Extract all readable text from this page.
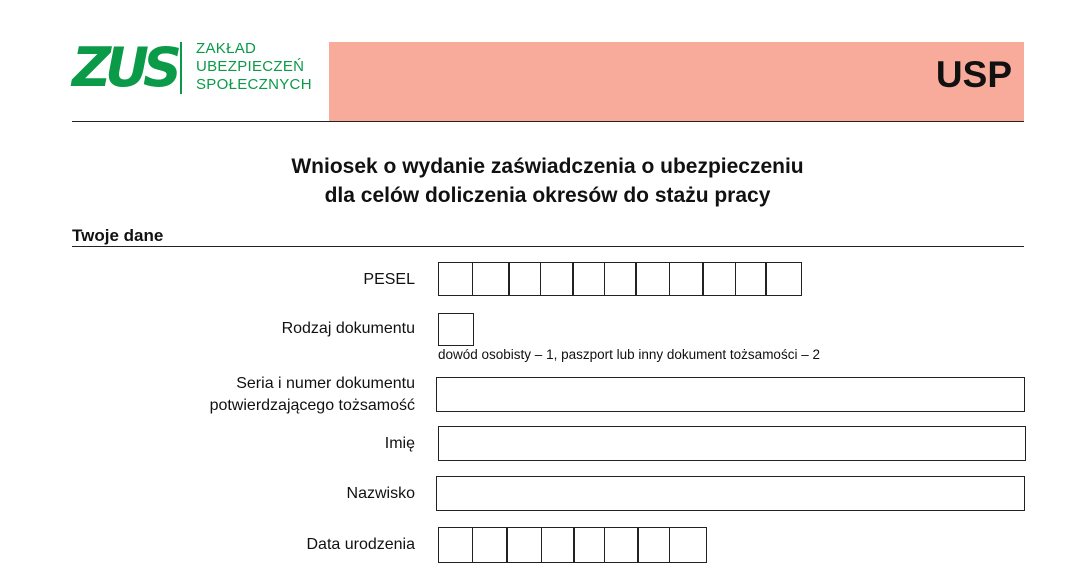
ZUS ZAKŁAD
UBEZPIECZEŃ
SPOŁECZNYCH	USP
Wniosek o wydanie zaświadczenia o ubezpieczeniu
dla celów doliczenia okresów do stażu pracy
Twoje dane
PESEL
Rodzaj dokumentu
dowód osobisty – 1, paszport lub inny dokument tożsamości – 2
Seria i numer dokumentu
potwierdzającego tożsamość
Imię
Nazwisko
Data urodzenia
